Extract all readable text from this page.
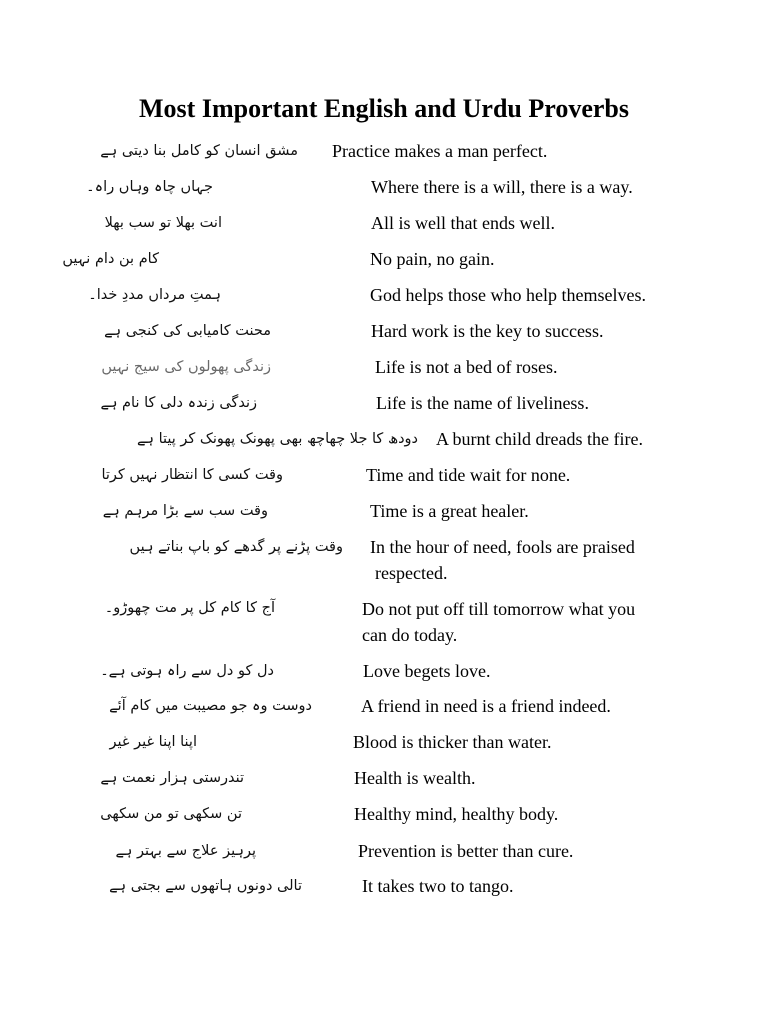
Most Important English and Urdu Proverbs
مشق انسان کو کامل بنا دیتی ہے Practice makes a man perfect.
جہاں چاہ وہاں راہ۔	Where there is a will, there is a way.
انت بھلا تو سب بھلا	All is well that ends well.
کام بن دام نہیں	No pain, no gain.
ہمتِ مرداں مددِ خدا۔	God helps those who help themselves.
محنت کامیابی کی کنجی ہے	Hard work is the key to success.
زندگی پھولوں کی سیج نہیں	Life is not a bed of roses.
زندگی زندہ دلی کا نام ہے	Life is the name of liveliness.
دودھ کا جلا چھاچھ بھی پھونک پھونک کر پیتا ہے A burnt child dreads the fire.
وقت کسی کا انتظار نہیں کرتا	Time and tide wait for none.
وقت سب سے بڑا مرہم ہے	Time is a great healer.
وقت پڑنے پر گدھے کو باپ بناتے ہیں In the hour of need, fools are praised
respected.
آج کا کام کل پر مت چھوڑو۔	Do not put off till tomorrow what you
can do today.
دل کو دل سے راہ ہوتی ہے۔	Love begets love.
دوست وہ جو مصیبت میں کام آئے	A friend in need is a friend indeed.
اپنا اپنا غیر غیر	Blood is thicker than water.
تندرستی ہزار نعمت ہے	Health is wealth.
تن سکھی تو من سکھی	Healthy mind, healthy body.
پرہیز علاج سے بہتر ہے	Prevention is better than cure.
تالی دونوں ہاتھوں سے بجتی ہے	It takes two to tango.
